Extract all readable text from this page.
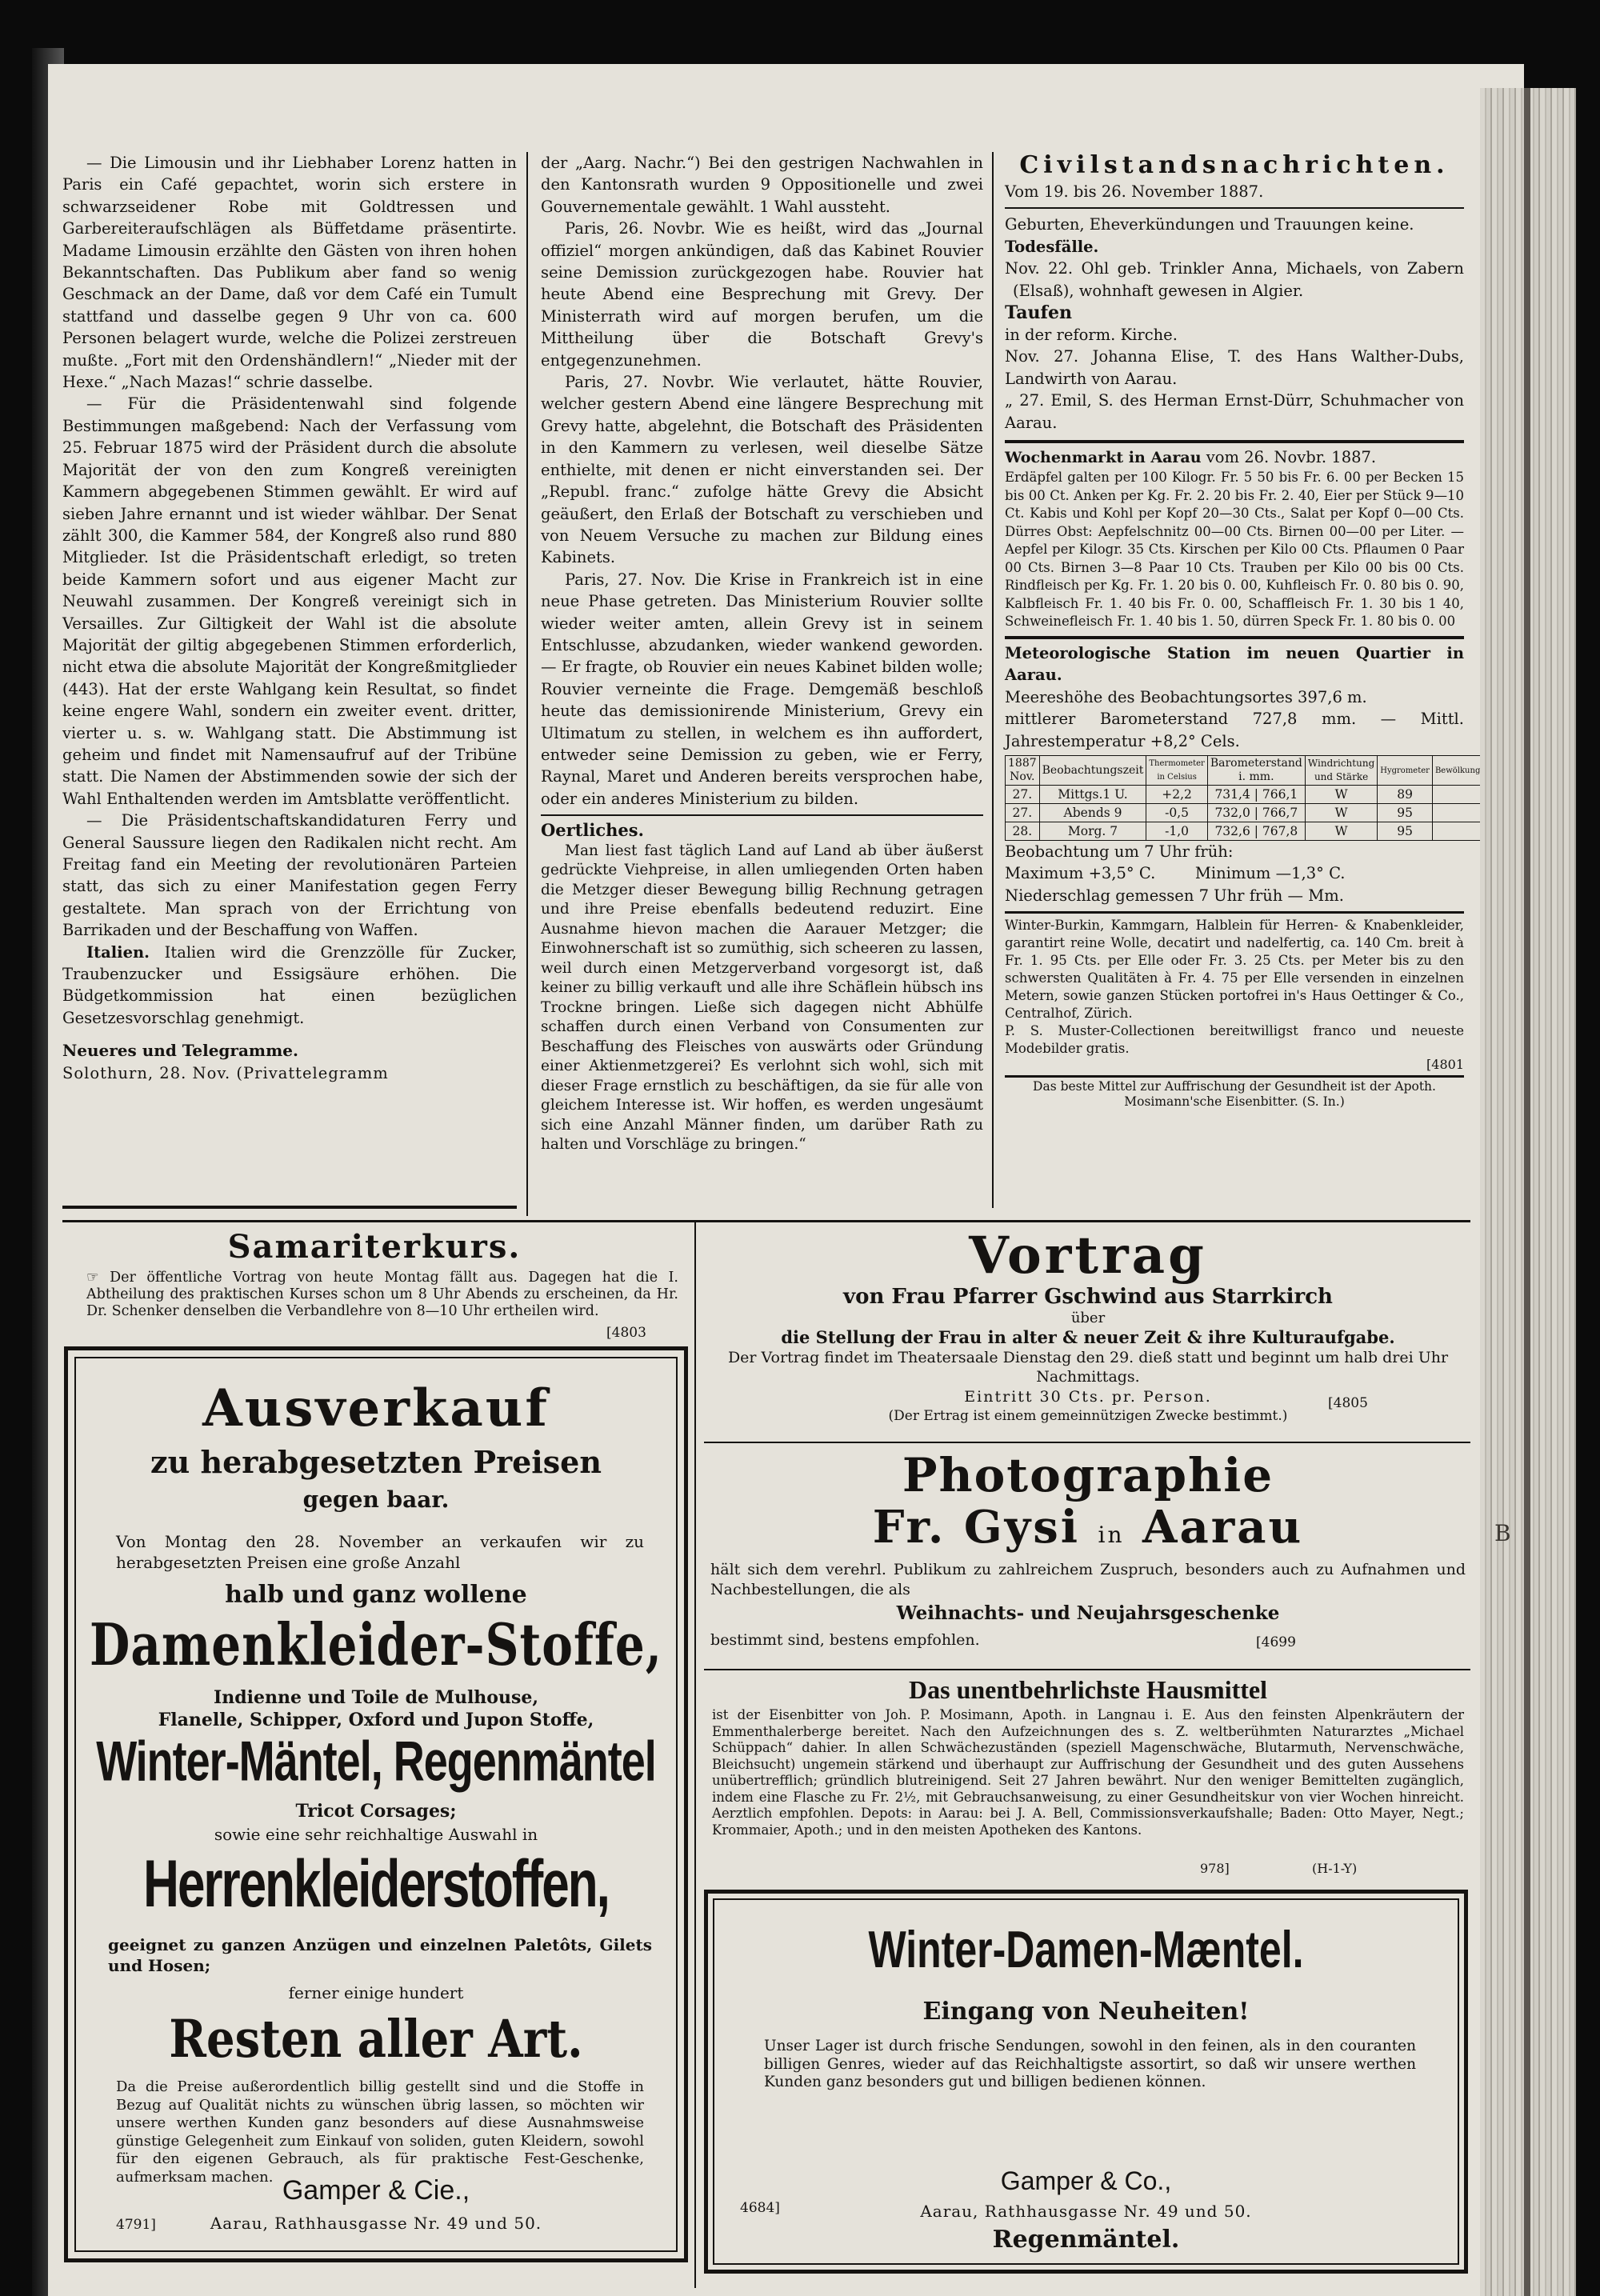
— Die Limousin und ihr Liebhaber Lorenz hatten in Paris ein Café gepachtet, worin sich erstere in schwarzseidener Robe mit Goldtressen und Garbereiteraufschlägen als Büffetdame präsentirte. Madame Limousin erzählte den Gästen von ihren hohen Bekanntschaften. Das Publikum aber fand so wenig Geschmack an der Dame, daß vor dem Café ein Tumult stattfand und dasselbe gegen 9 Uhr von ca. 600 Personen belagert wurde, welche die Polizei zerstreuen mußte. „Fort mit den Ordenshändlern!“ „Nieder mit der Hexe.“ „Nach Mazas!“ schrie dasselbe.

— Für die Präsidentenwahl sind folgende Bestimmungen maßgebend: Nach der Verfassung vom 25. Februar 1875 wird der Präsident durch die absolute Majorität der von den zum Kongreß vereinigten Kammern abgegebenen Stimmen gewählt. Er wird auf sieben Jahre ernannt und ist wieder wählbar. Der Senat zählt 300, die Kammer 584, der Kongreß also rund 880 Mitglieder. Ist die Präsidentschaft erledigt, so treten beide Kammern sofort und aus eigener Macht zur Neuwahl zusammen. Der Kongreß vereinigt sich in Versailles. Zur Giltigkeit der Wahl ist die absolute Majorität der giltig abgegebenen Stimmen erforderlich, nicht etwa die absolute Majorität der Kongreßmitglieder (443). Hat der erste Wahlgang kein Resultat, so findet keine engere Wahl, sondern ein zweiter event. dritter, vierter u. s. w. Wahlgang statt. Die Abstimmung ist geheim und findet mit Namensaufruf auf der Tribüne statt. Die Namen der Abstimmenden sowie der sich der Wahl Enthaltenden werden im Amtsblatte veröffentlicht.

— Die Präsidentschaftskandidaturen Ferry und General Saussure liegen den Radikalen nicht recht. Am Freitag fand ein Meeting der revolutionären Parteien statt, das sich zu einer Manifestation gegen Ferry gestaltete. Man sprach von der Errichtung von Barrikaden und der Beschaffung von Waffen.

Italien. Italien wird die Grenzzölle für Zucker, Traubenzucker und Essigsäure erhöhen. Die Büdgetkommission hat einen bezüglichen Gesetzesvorschlag genehmigt.

Neueres und Telegramme.

Solothurn, 28. Nov. (Privattelegramm

der „Aarg. Nachr.“) Bei den gestrigen Nachwahlen in den Kantonsrath wurden 9 Oppositionelle und zwei Gouvernementale gewählt. 1 Wahl aussteht.

Paris, 26. Novbr. Wie es heißt, wird das „Journal offiziel“ morgen ankündigen, daß das Kabinet Rouvier seine Demission zurückgezogen habe. Rouvier hat heute Abend eine Besprechung mit Grevy. Der Ministerrath wird auf morgen berufen, um die Mittheilung über die Botschaft Grevy's entgegenzunehmen.

Paris, 27. Novbr. Wie verlautet, hätte Rouvier, welcher gestern Abend eine längere Besprechung mit Grevy hatte, abgelehnt, die Botschaft des Präsidenten in den Kammern zu verlesen, weil dieselbe Sätze enthielte, mit denen er nicht einverstanden sei. Der „Republ. franc.“ zufolge hätte Grevy die Absicht geäußert, den Erlaß der Botschaft zu verschieben und von Neuem Versuche zu machen zur Bildung eines Kabinets.

Paris, 27. Nov. Die Krise in Frankreich ist in eine neue Phase getreten. Das Ministerium Rouvier sollte wieder weiter amten, allein Grevy ist in seinem Entschlusse, abzudanken, wieder wankend geworden. — Er fragte, ob Rouvier ein neues Kabinet bilden wolle; Rouvier verneinte die Frage. Demgemäß beschloß heute das demissionirende Ministerium, Grevy ein Ultimatum zu stellen, in welchem es ihn auffordert, entweder seine Demission zu geben, wie er Ferry, Raynal, Maret und Anderen bereits versprochen habe, oder ein anderes Ministerium zu bilden.

Oertliches.

Man liest fast täglich Land auf Land ab über äußerst gedrückte Viehpreise, in allen umliegenden Orten haben die Metzger dieser Bewegung billig Rechnung getragen und ihre Preise ebenfalls bedeutend reduzirt. Eine Ausnahme hievon machen die Aarauer Metzger; die Einwohnerschaft ist so zumüthig, sich scheeren zu lassen, weil durch einen Metzgerverband vorgesorgt ist, daß keiner zu billig verkauft und alle ihre Schäflein hübsch ins Trockne bringen. Ließe sich dagegen nicht Abhülfe schaffen durch einen Verband von Consumenten zur Beschaffung des Fleisches von auswärts oder Gründung einer Aktienmetzgerei? Es verlohnt sich wohl, sich mit dieser Frage ernstlich zu beschäftigen, da sie für alle von gleichem Interesse ist. Wir hoffen, es werden ungesäumt sich eine Anzahl Männer finden, um darüber Rath zu halten und Vorschläge zu bringen.“

Civilstandsnachrichten.

Vom 19. bis 26. November 1887.

Geburten, Eheverkündungen und Trauungen keine.

Todesfälle.

Nov. 22. Ohl geb. Trinkler Anna, Michaels, von Zabern (Elsaß), wohnhaft gewesen in Algier.

Taufen

in der reform. Kirche.

Nov. 27. Johanna Elise, T. des Hans Walther-Dubs, Landwirth von Aarau.

„ 27. Emil, S. des Herman Ernst-Dürr, Schuhmacher von Aarau.

Wochenmarkt in Aarau vom 26. Novbr. 1887.

Erdäpfel galten per 100 Kilogr. Fr. 5 50 bis Fr. 6. 00 per Becken 15 bis 00 Ct. Anken per Kg. Fr. 2. 20 bis Fr. 2. 40, Eier per Stück 9—10 Ct. Kabis und Kohl per Kopf 20—30 Cts., Salat per Kopf 0—00 Cts. Dürres Obst: Aepfelschnitz 00—00 Cts. Birnen 00—00 per Liter. — Aepfel per Kilogr. 35 Cts. Kirschen per Kilo 00 Cts. Pflaumen 0 Paar 00 Cts. Birnen 3—8 Paar 10 Cts. Trauben per Kilo 00 bis 00 Cts. Rindfleisch per Kg. Fr. 1. 20 bis 0. 00, Kuhfleisch Fr. 0. 80 bis 0. 90, Kalbfleisch Fr. 1. 40 bis Fr. 0. 00, Schaffleisch Fr. 1. 30 bis 1 40, Schweinefleisch Fr. 1. 40 bis 1. 50, dürren Speck Fr. 1. 80 bis 0. 00

Meteorologische Station im neuen Quartier in Aarau.

Meereshöhe des Beobachtungsortes 397,6 m.

mittlerer Barometerstand 727,8 mm. — Mittl. Jahrestemperatur +8,2° Cels.

1887 Nov.	Beobachtungszeit	Thermometer in Celsius	Barometerstand i. mm.	Windrichtung und Stärke	Hygrometer	Bewölkung	
27.	Mittgs.1 U.	+2,2	731,4 | 766,1	W	89		
27.	Abends 9	-0,5	732,0 | 766,7	W	95		
28.	Morg. 7	-1,0	732,6 | 767,8	W	95		

Beobachtung um 7 Uhr früh:

Maximum +3,5° C.        Minimum —1,3° C.

Niederschlag gemessen 7 Uhr früh — Mm.

Winter-Burkin, Kammgarn, Halblein für Herren- & Knabenkleider, garantirt reine Wolle, decatirt und nadelfertig, ca. 140 Cm. breit à Fr. 1. 95 Cts. per Elle oder Fr. 3. 25 Cts. per Meter bis zu den schwersten Qualitäten à Fr. 4. 75 per Elle versenden in einzelnen Metern, sowie ganzen Stücken portofrei in's Haus Oettinger & Co., Centralhof, Zürich.

P. S. Muster-Collectionen bereitwilligst franco und neueste Modebilder gratis.

[4801

Das beste Mittel zur Auffrischung der Gesundheit ist der Apoth. Mosimann'sche Eisenbitter. (S. In.)

Samariterkurs.
☞ Der öffentliche Vortrag von heute Montag fällt aus. Dagegen hat die I. Abtheilung des praktischen Kurses schon um 8 Uhr Abends zu erscheinen, da Hr. Dr. Schenker denselben die Verbandlehre von 8—10 Uhr ertheilen wird.
[4803
Ausverkauf
zu herabgesetzten Preisen
gegen baar.
Von Montag den 28. November an verkaufen wir zu herabgesetzten Preisen eine große Anzahl
halb und ganz wollene
Damenkleider-Stoffe,
Indienne und Toile de Mulhouse,
Flanelle, Schipper, Oxford und Jupon Stoffe,
Winter-Mäntel, Regenmäntel
Tricot Corsages;
sowie eine sehr reichhaltige Auswahl in
Herrenkleiderstoffen,
geeignet zu ganzen Anzügen und einzelnen Paletôts, Gilets und Hosen;
ferner einige hundert
Resten aller Art.
Da die Preise außerordentlich billig gestellt sind und die Stoffe in Bezug auf Qualität nichts zu wünschen übrig lassen, so möchten wir unsere werthen Kunden ganz besonders auf diese Ausnahmsweise günstige Gelegenheit zum Einkauf von soliden, guten Kleidern, sowohl für den eigenen Gebrauch, als für praktische Fest-Geschenke, aufmerksam machen.
4791]
Gamper & Cie.,
Aarau, Rathhausgasse Nr. 49 und 50.
Vortrag
von Frau Pfarrer Gschwind aus Starrkirch
über
die Stellung der Frau in alter & neuer Zeit & ihre Kulturaufgabe.
Der Vortrag findet im Theatersaale Dienstag den 29. dieß statt und beginnt um halb drei Uhr Nachmittags.
Eintritt 30 Cts. pr. Person.	[4805
(Der Ertrag ist einem gemeinnützigen Zwecke bestimmt.)
Photographie
Fr. Gysi in Aarau
hält sich dem verehrl. Publikum zu zahlreichem Zuspruch, besonders auch zu Aufnahmen und Nachbestellungen, die als
Weihnachts- und Neujahrsgeschenke
bestimmt sind, bestens empfohlen.	[4699
Das unentbehrlichste Hausmittel
ist der Eisenbitter von Joh. P. Mosimann, Apoth. in Langnau i. E. Aus den feinsten Alpenkräutern der Emmenthalerberge bereitet. Nach den Aufzeichnungen des s. Z. weltberühmten Naturarztes „Michael Schüppach“ dahier. In allen Schwächezuständen (speziell Magenschwäche, Blutarmuth, Nervenschwäche, Bleichsucht) ungemein stärkend und überhaupt zur Auffrischung der Gesundheit und des guten Aussehens unübertrefflich; gründlich blutreinigend. Seit 27 Jahren bewährt. Nur den weniger Bemittelten zugänglich, indem eine Flasche zu Fr. 2½, mit Gebrauchsanweisung, zu einer Gesundheitskur von vier Wochen hinreicht. Aerztlich empfohlen. Depots: in Aarau: bei J. A. Bell, Commissionsverkaufshalle; Baden: Otto Mayer, Negt.; Krommaier, Apoth.; und in den meisten Apotheken des Kantons.
978]	(H-1-Y)
Winter-Damen-Mæntel.
Eingang von Neuheiten!
Unser Lager ist durch frische Sendungen, sowohl in den feinen, als in den couranten billigen Genres, wieder auf das Reichhaltigste assortirt, so daß wir unsere werthen Kunden ganz besonders gut und billigen bedienen können.
4684]
Gamper & Co.,
Aarau, Rathhausgasse Nr. 49 und 50.
Regenmäntel.
B
